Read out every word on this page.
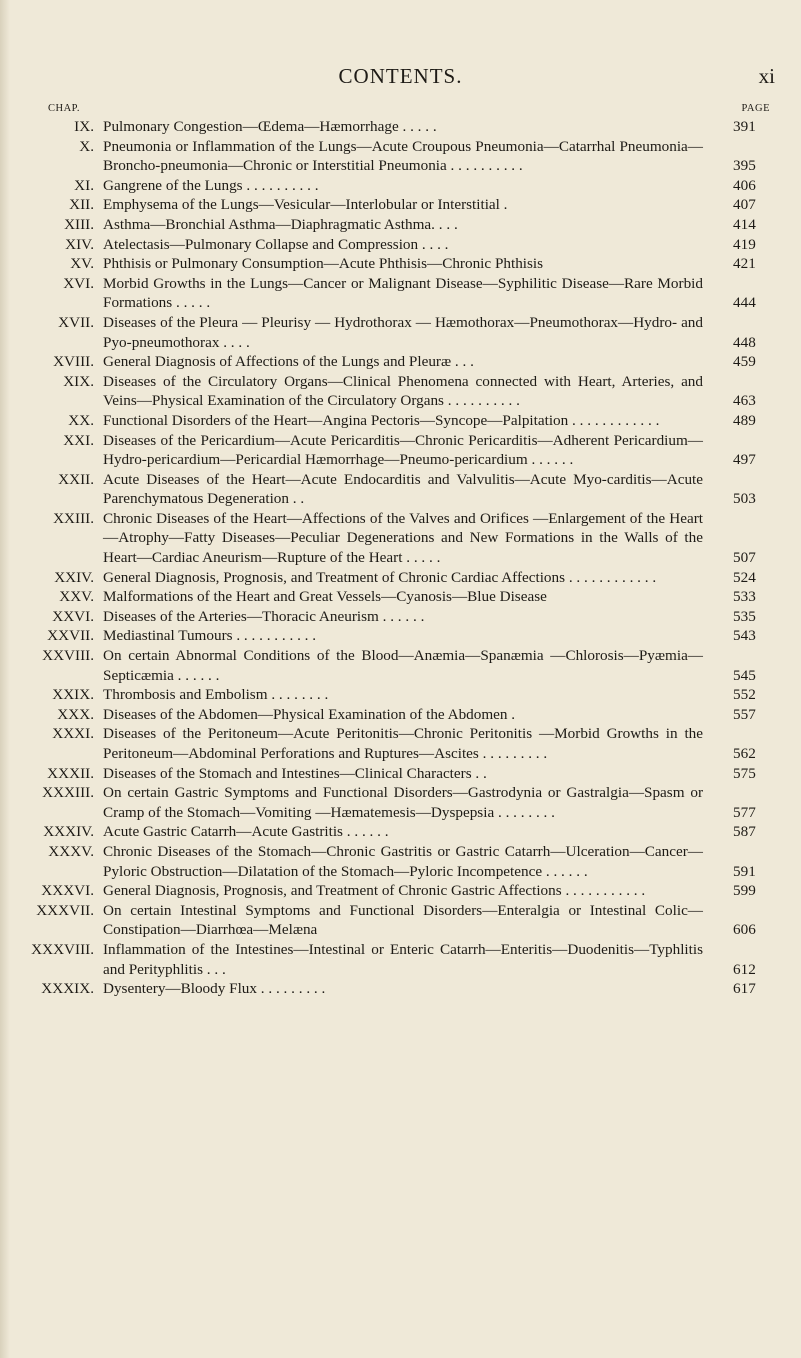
CONTENTS.	xi
CHAP.	PAGE
IX. Pulmonary Congestion—Œdema—Hæmorrhage . . . . .	391
X. Pneumonia or Inflammation of the Lungs—Acute Croupous Pneumonia—Catarrhal Pneumonia—Broncho-pneumonia—Chronic or Interstitial Pneumonia . . . . . . . . . .	395
XI. Gangrene of the Lungs . . . . . . . . . .	406
XII. Emphysema of the Lungs—Vesicular—Interlobular or Interstitial .	407
XIII. Asthma—Bronchial Asthma—Diaphragmatic Asthma. . . .	414
XIV. Atelectasis—Pulmonary Collapse and Compression . . . .	419
XV. Phthisis or Pulmonary Consumption—Acute Phthisis—Chronic Phthisis	421
XVI. Morbid Growths in the Lungs—Cancer or Malignant Disease—Syphilitic Disease—Rare Morbid Formations . . . . .	444
XVII. Diseases of the Pleura — Pleurisy — Hydrothorax — Hæmothorax—Pneumothorax—Hydro- and Pyo-pneumothorax . . . .	448
XVIII. General Diagnosis of Affections of the Lungs and Pleuræ . . .	459
XIX. Diseases of the Circulatory Organs—Clinical Phenomena connected with Heart, Arteries, and Veins—Physical Examination of the Circulatory Organs . . . . . . . . . .	463
XX. Functional Disorders of the Heart—Angina Pectoris—Syncope—Palpitation . . . . . . . . . . . .	489
XXI. Diseases of the Pericardium—Acute Pericarditis—Chronic Pericarditis—Adherent Pericardium—Hydro-pericardium—Pericardial Hæmorrhage—Pneumo-pericardium . . . . . .	497
XXII. Acute Diseases of the Heart—Acute Endocarditis and Valvulitis—Acute Myo-carditis—Acute Parenchymatous Degeneration . .	503
XXIII. Chronic Diseases of the Heart—Affections of the Valves and Orifices —Enlargement of the Heart—Atrophy—Fatty Diseases—Peculiar Degenerations and New Formations in the Walls of the Heart—Cardiac Aneurism—Rupture of the Heart . . . . .	507
XXIV. General Diagnosis, Prognosis, and Treatment of Chronic Cardiac Affections . . . . . . . . . . . .	524
XXV. Malformations of the Heart and Great Vessels—Cyanosis—Blue Disease	533
XXVI. Diseases of the Arteries—Thoracic Aneurism . . . . . .	535
XXVII. Mediastinal Tumours . . . . . . . . . . .	543
XXVIII. On certain Abnormal Conditions of the Blood—Anæmia—Spanæmia —Chlorosis—Pyæmia—Septicæmia . . . . . .	545
XXIX. Thrombosis and Embolism . . . . . . . .	552
XXX. Diseases of the Abdomen—Physical Examination of the Abdomen .	557
XXXI. Diseases of the Peritoneum—Acute Peritonitis—Chronic Peritonitis —Morbid Growths in the Peritoneum—Abdominal Perforations and Ruptures—Ascites . . . . . . . . .	562
XXXII. Diseases of the Stomach and Intestines—Clinical Characters . .	575
XXXIII. On certain Gastric Symptoms and Functional Disorders—Gastrodynia or Gastralgia—Spasm or Cramp of the Stomach—Vomiting —Hæmatemesis—Dyspepsia . . . . . . . .	577
XXXIV. Acute Gastric Catarrh—Acute Gastritis . . . . . .	587
XXXV. Chronic Diseases of the Stomach—Chronic Gastritis or Gastric Catarrh—Ulceration—Cancer—Pyloric Obstruction—Dilatation of the Stomach—Pyloric Incompetence . . . . . .	591
XXXVI. General Diagnosis, Prognosis, and Treatment of Chronic Gastric Affections . . . . . . . . . . .	599
XXXVII. On certain Intestinal Symptoms and Functional Disorders—Enteralgia or Intestinal Colic—Constipation—Diarrhœa—Melæna	606
XXXVIII. Inflammation of the Intestines—Intestinal or Enteric Catarrh—Enteritis—Duodenitis—Typhlitis and Perityphlitis . . .	612
XXXIX. Dysentery—Bloody Flux . . . . . . . . .	617
